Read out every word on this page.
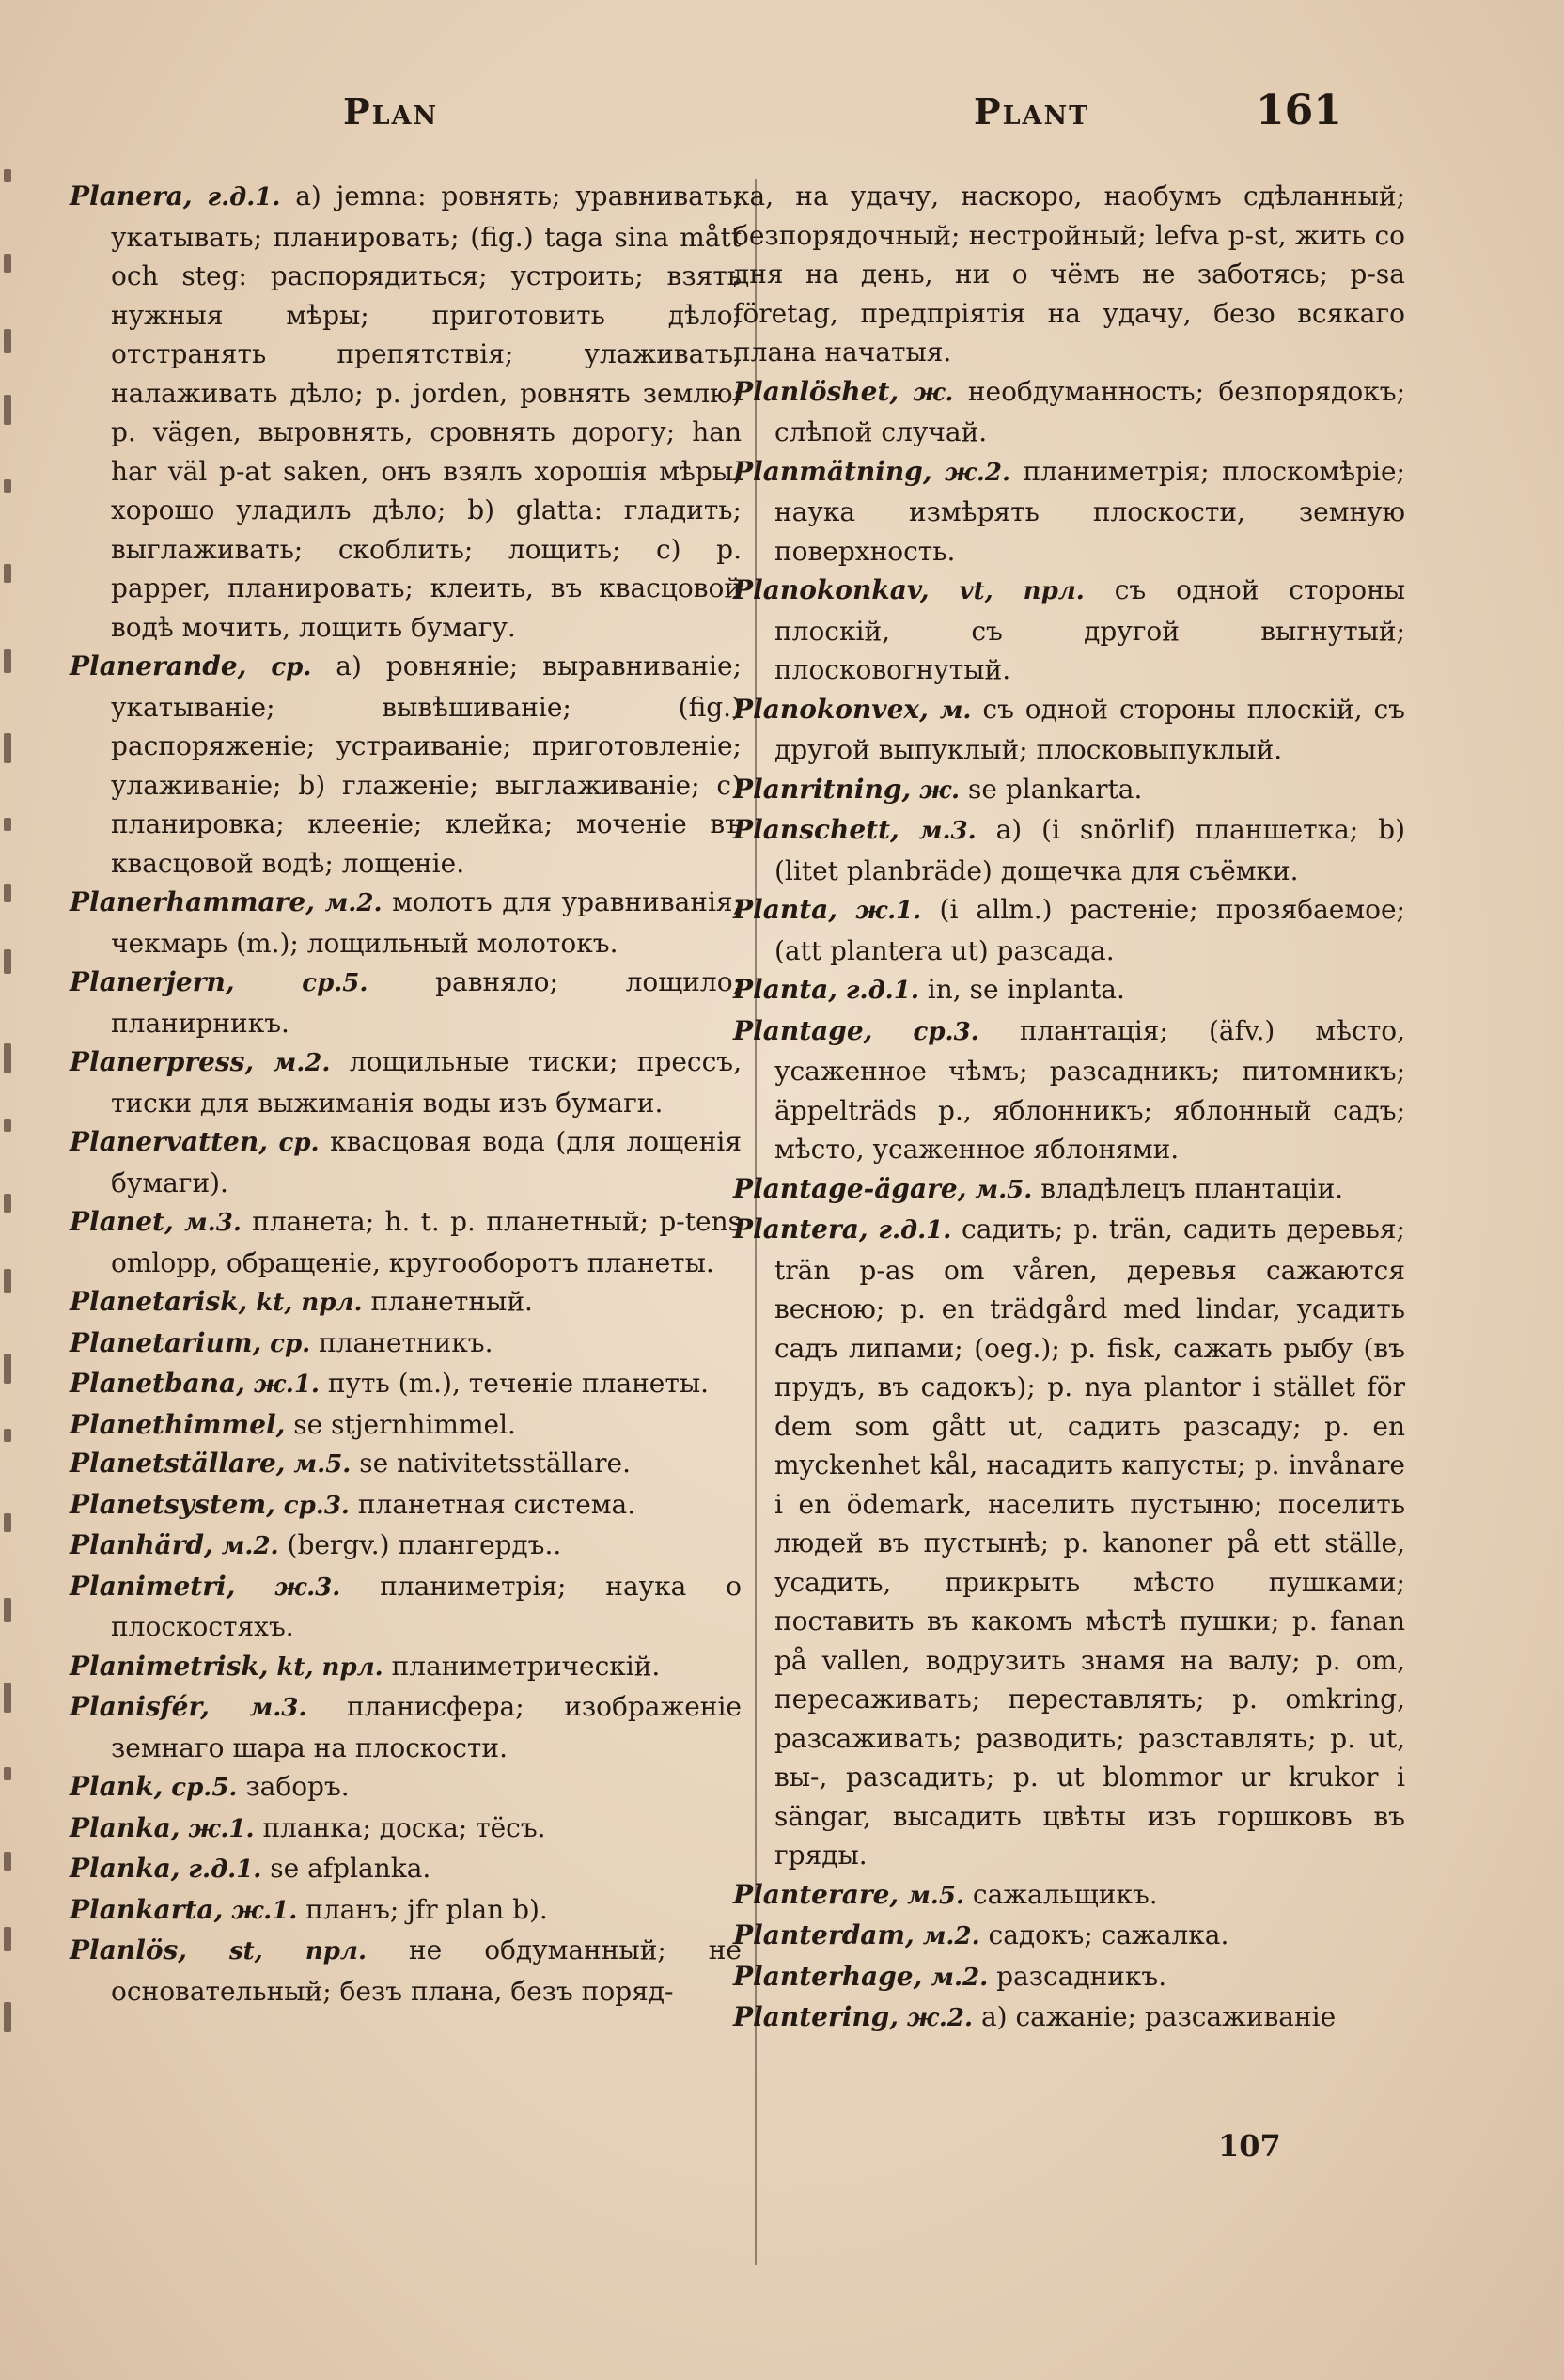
Plan	Plant	161

Planera, г.д.1. a) jemna: ровнять; уравнивать; укатывать; планировать; (fig.) taga sina mått och steg: распорядиться; устроить; взять нужныя мѣры; приготовить дѣло; отстранять препятствія; улаживать, налаживать дѣло; p. jorden, ровнять землю; p. vägen, выровнять, сровнять дорогу; han har väl p-at saken, онъ взялъ хорошія мѣры, хорошо уладилъ дѣло; b) glatta: гладить; выглаживать; скоблить; лощить; c) p. papper, планировать; клеить, въ квасцовой водѣ мочить, лощить бумагу.

Planerande, ср. a) ровняніе; выравниваніе; укатываніе; вывѣшиваніе; (fig.) распоряженіе; устраиваніе; приготовленіе; улаживаніе; b) глаженіе; выглаживаніе; c) планировка; клееніе; клейка; моченіе въ квасцовой водѣ; лощеніе.

Planerhammare, м.2. молотъ для уравниванія; чекмарь (m.); лощильный молотокъ.

Planerjern,	ср.5.	равняло; лощило; планирникъ.

Planerpress, м.2. лощильные тиски; прессъ, тиски для выжиманія воды изъ бумаги.

Planervatten, ср. квасцовая вода (для лощенія бумаги).

Planet, м.3. планета; h. t. p. планетный; p-tens omlopp, обращеніе, кругооборотъ планеты.

Planetarisk, kt, прл. планетный.

Planetarium, ср. планетникъ.

Planetbana, ж.1. путь (m.), теченіе планеты.

Planethimmel, se stjernhimmel.

Planetställare, м.5. se nativitetsställare.

Planetsystem, ср.3. планетная система.

Planhärd, м.2. (bergv.) плангердъ..

Planimetri, ж.3. планиметрія; наука о плоскостяхъ.

Planimetrisk, kt, прл. планиметрическій.

Planisfér, м.3. планисфера; изображеніе земнаго шара на плоскости.

Plank, ср.5. заборъ.

Planka, ж.1. планка; доска; тёсъ.

Planka, г.д.1. se afplanka.

Plankarta, ж.1. планъ; jfr plan b).

Planlös, st, прл. не обдуманный; не основательный; безъ плана, безъ поряд-

ка, на удачу, наскоро, наобумъ сдѣланный; безпорядочный; нестройный; lefva p-st, жить со дня на день, ни о чёмъ не заботясь; p-sa företag, предпріятія на удачу, безо всякаго плана начатыя.

Planlöshet, ж. необдуманность; безпорядокъ; слѣпой случай.

Planmätning, ж.2. планиметрія; плоскомѣріе; наука измѣрять плоскости, земную поверхность.

Planokonkav, vt, прл. съ одной стороны плоскій, съ другой выгнутый; плосковогнутый.

Planokonvex, м. съ одной стороны плоскій, съ другой выпуклый; плосковыпуклый.

Planritning, ж. se plankarta.

Planschett, м.3. a) (i snörlif) планшетка; b) (litet planbräde) дощечка для съёмки.

Planta, ж.1. (i allm.) растеніе; прозябаемое; (att plantera ut) разсада.

Planta, г.д.1. in, se inplanta.

Plantage, ср.3. плантація; (äfv.) мѣсто, усаженное чѣмъ; разсадникъ; питомникъ; äppelträds p., яблонникъ; яблонный садъ; мѣсто, усаженное яблонями.

Plantage-ägare, м.5. владѣлецъ плантаціи.

Plantera, г.д.1. садить; p. trän, садить деревья; trän p-as om våren, деревья сажаются весною; p. en trädgård med lindar, усадить садъ липами; (oeg.); p. fisk, сажать рыбу (въ прудъ, въ садокъ); p. nya plantor i stället för dem som gått ut, садить разсаду; p. en myckenhet kål, насадить капусты; p. invånare i en ödemark, населить пустыню; поселить людей въ пустынѣ; p. kanoner på ett ställe, усадить, прикрыть мѣсто пушками; поставить въ какомъ мѣстѣ пушки; p. fanan på vallen, водрузить знамя на валу; p. om, пересаживать; переставлять; p. omkring, разсаживать; разводить; разставлять; p. ut, вы-, разсадить; p. ut blommor ur krukor i sängar, высадить цвѣты изъ горшковъ въ гряды.

Planterare, м.5. сажальщикъ.

Planterdam, м.2. садокъ; сажалка.

Planterhage, м.2. разсадникъ.

Plantering, ж.2. a) сажаніе; разсаживаніе

107
